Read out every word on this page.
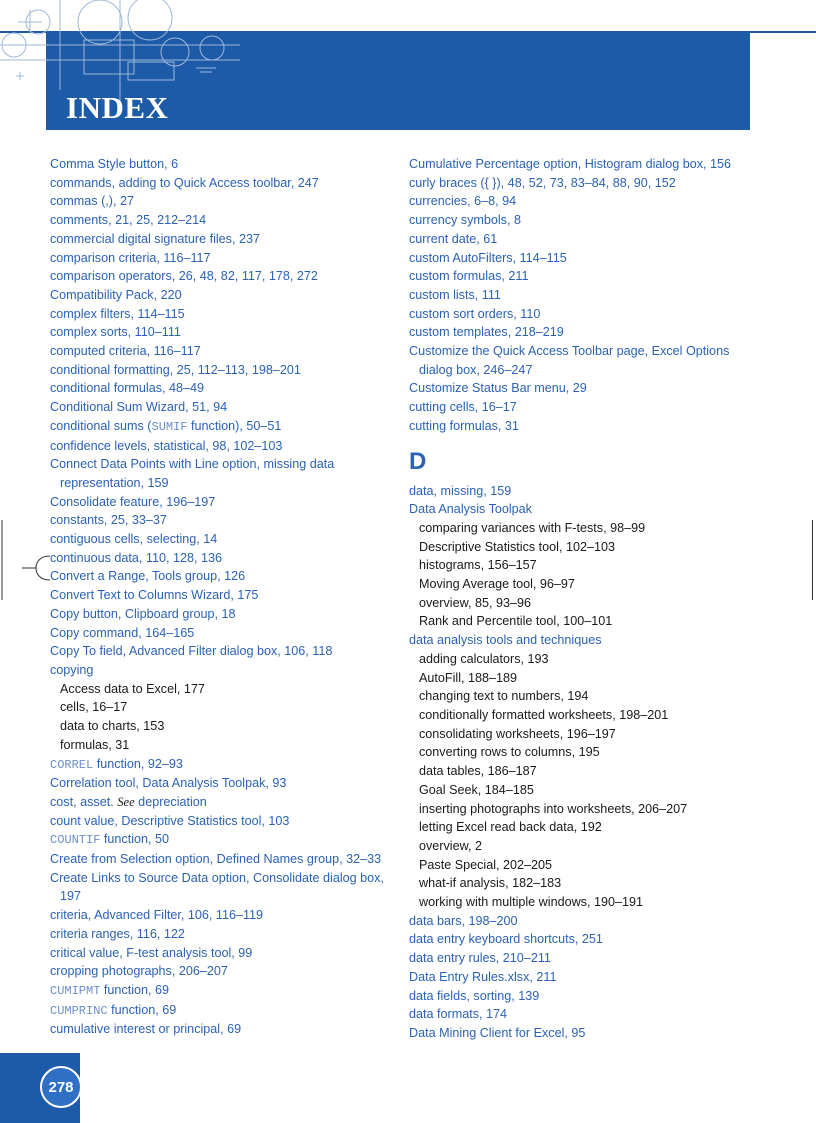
INDEX
Comma Style button, 6
commands, adding to Quick Access toolbar, 247
commas (,), 27
comments, 21, 25, 212–214
commercial digital signature files, 237
comparison criteria, 116–117
comparison operators, 26, 48, 82, 117, 178, 272
Compatibility Pack, 220
complex filters, 114–115
complex sorts, 110–111
computed criteria, 116–117
conditional formatting, 25, 112–113, 198–201
conditional formulas, 48–49
Conditional Sum Wizard, 51, 94
conditional sums (SUMIF function), 50–51
confidence levels, statistical, 98, 102–103
Connect Data Points with Line option, missing data representation, 159
Consolidate feature, 196–197
constants, 25, 33–37
contiguous cells, selecting, 14
continuous data, 110, 128, 136
Convert a Range, Tools group, 126
Convert Text to Columns Wizard, 175
Copy button, Clipboard group, 18
Copy command, 164–165
Copy To field, Advanced Filter dialog box, 106, 118
copying
Access data to Excel, 177
cells, 16–17
data to charts, 153
formulas, 31
CORREL function, 92–93
Correlation tool, Data Analysis Toolpak, 93
cost, asset. See depreciation
count value, Descriptive Statistics tool, 103
COUNTIF function, 50
Create from Selection option, Defined Names group, 32–33
Create Links to Source Data option, Consolidate dialog box, 197
criteria, Advanced Filter, 106, 116–119
criteria ranges, 116, 122
critical value, F-test analysis tool, 99
cropping photographs, 206–207
CUMIPMT function, 69
CUMPRINC function, 69
cumulative interest or principal, 69
Cumulative Percentage option, Histogram dialog box, 156
curly braces ({ }), 48, 52, 73, 83–84, 88, 90, 152
currencies, 6–8, 94
currency symbols, 8
current date, 61
custom AutoFilters, 114–115
custom formulas, 211
custom lists, 111
custom sort orders, 110
custom templates, 218–219
Customize the Quick Access Toolbar page, Excel Options dialog box, 246–247
Customize Status Bar menu, 29
cutting cells, 16–17
cutting formulas, 31
D
data, missing, 159
Data Analysis Toolpak
comparing variances with F-tests, 98–99
Descriptive Statistics tool, 102–103
histograms, 156–157
Moving Average tool, 96–97
overview, 85, 93–96
Rank and Percentile tool, 100–101
data analysis tools and techniques
adding calculators, 193
AutoFill, 188–189
changing text to numbers, 194
conditionally formatted worksheets, 198–201
consolidating worksheets, 196–197
converting rows to columns, 195
data tables, 186–187
Goal Seek, 184–185
inserting photographs into worksheets, 206–207
letting Excel read back data, 192
overview, 2
Paste Special, 202–205
what-if analysis, 182–183
working with multiple windows, 190–191
data bars, 198–200
data entry keyboard shortcuts, 251
data entry rules, 210–211
Data Entry Rules.xlsx, 211
data fields, sorting, 139
data formats, 174
Data Mining Client for Excel, 95
278
